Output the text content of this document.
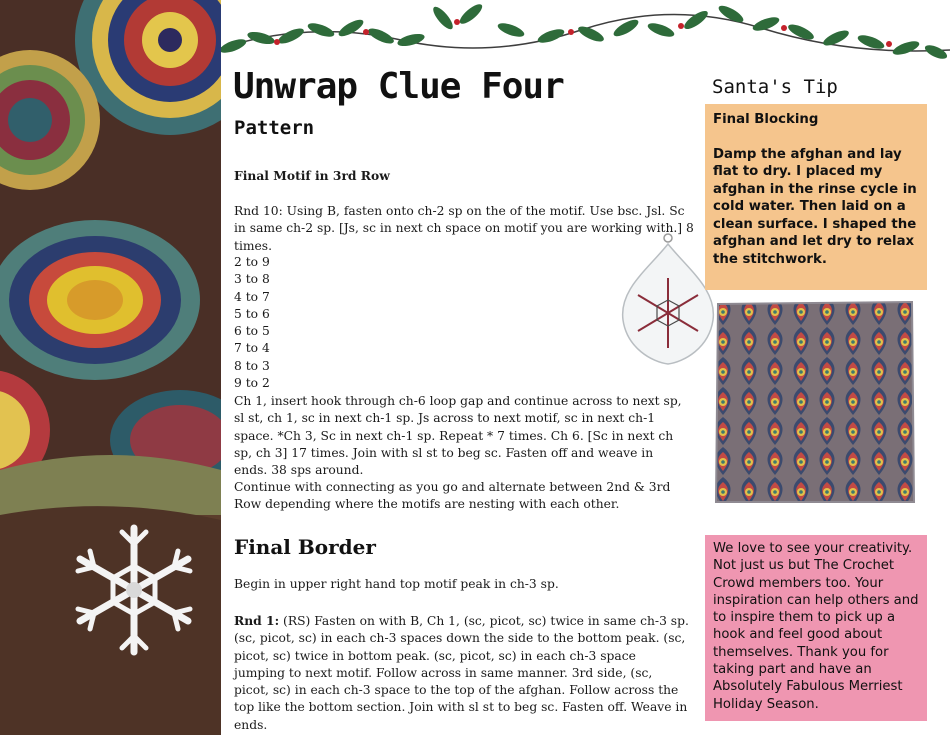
Unwrap Clue Four
Pattern
Final Motif in 3rd Row
Rnd 10: Using B, fasten onto ch-2 sp on the of the motif. Use bsc. Jsl. Sc in same ch-2 sp. [Js, sc in next ch space on motif you are working with.] 8 times.
2 to 9
3 to 8
4 to 7
5 to 6
6 to 5
7 to 4
8 to 3
9 to 2
Ch 1, insert hook through ch-6 loop gap and continue across to next sp, sl st, ch 1, sc in next ch-1 sp. Js across to next motif, sc in next ch-1 space. *Ch 3, Sc in next ch-1 sp. Repeat * 7 times. Ch 6. [Sc in next ch sp, ch 3] 17 times. Join with sl st to beg sc. Fasten off and weave in ends. 38 sps around.
Continue with connecting as you go and alternate between 2nd & 3rd Row depending where the motifs are nesting with each other.
Final Border
Begin in upper right hand top motif peak in ch-3 sp.
Rnd 1: (RS) Fasten on with B, Ch 1, (sc, picot, sc) twice in same ch-3 sp. (sc, picot, sc) in each ch-3 spaces down the side to the bottom peak. (sc, picot, sc) twice in bottom peak. (sc, picot, sc) in each ch-3 space jumping to next motif. Follow across in same manner. 3rd side, (sc, picot, sc) in each ch-3 space to the top of the afghan. Follow across the top like the bottom section. Join with sl st to beg sc. Fasten off. Weave in ends.
Santa's Tip
Final Blocking
Damp the afghan and lay flat to dry. I placed my afghan in the rinse cycle in cold water. Then laid on a clean surface. I shaped the afghan and let dry to relax the stitchwork.
We love to see your creativity. Not just us but The Crochet Crowd members too. Your inspiration can help others and to inspire them to pick up a hook and feel good about themselves. Thank you for taking part and have an Absolutely Fabulous Merriest Holiday Season.
